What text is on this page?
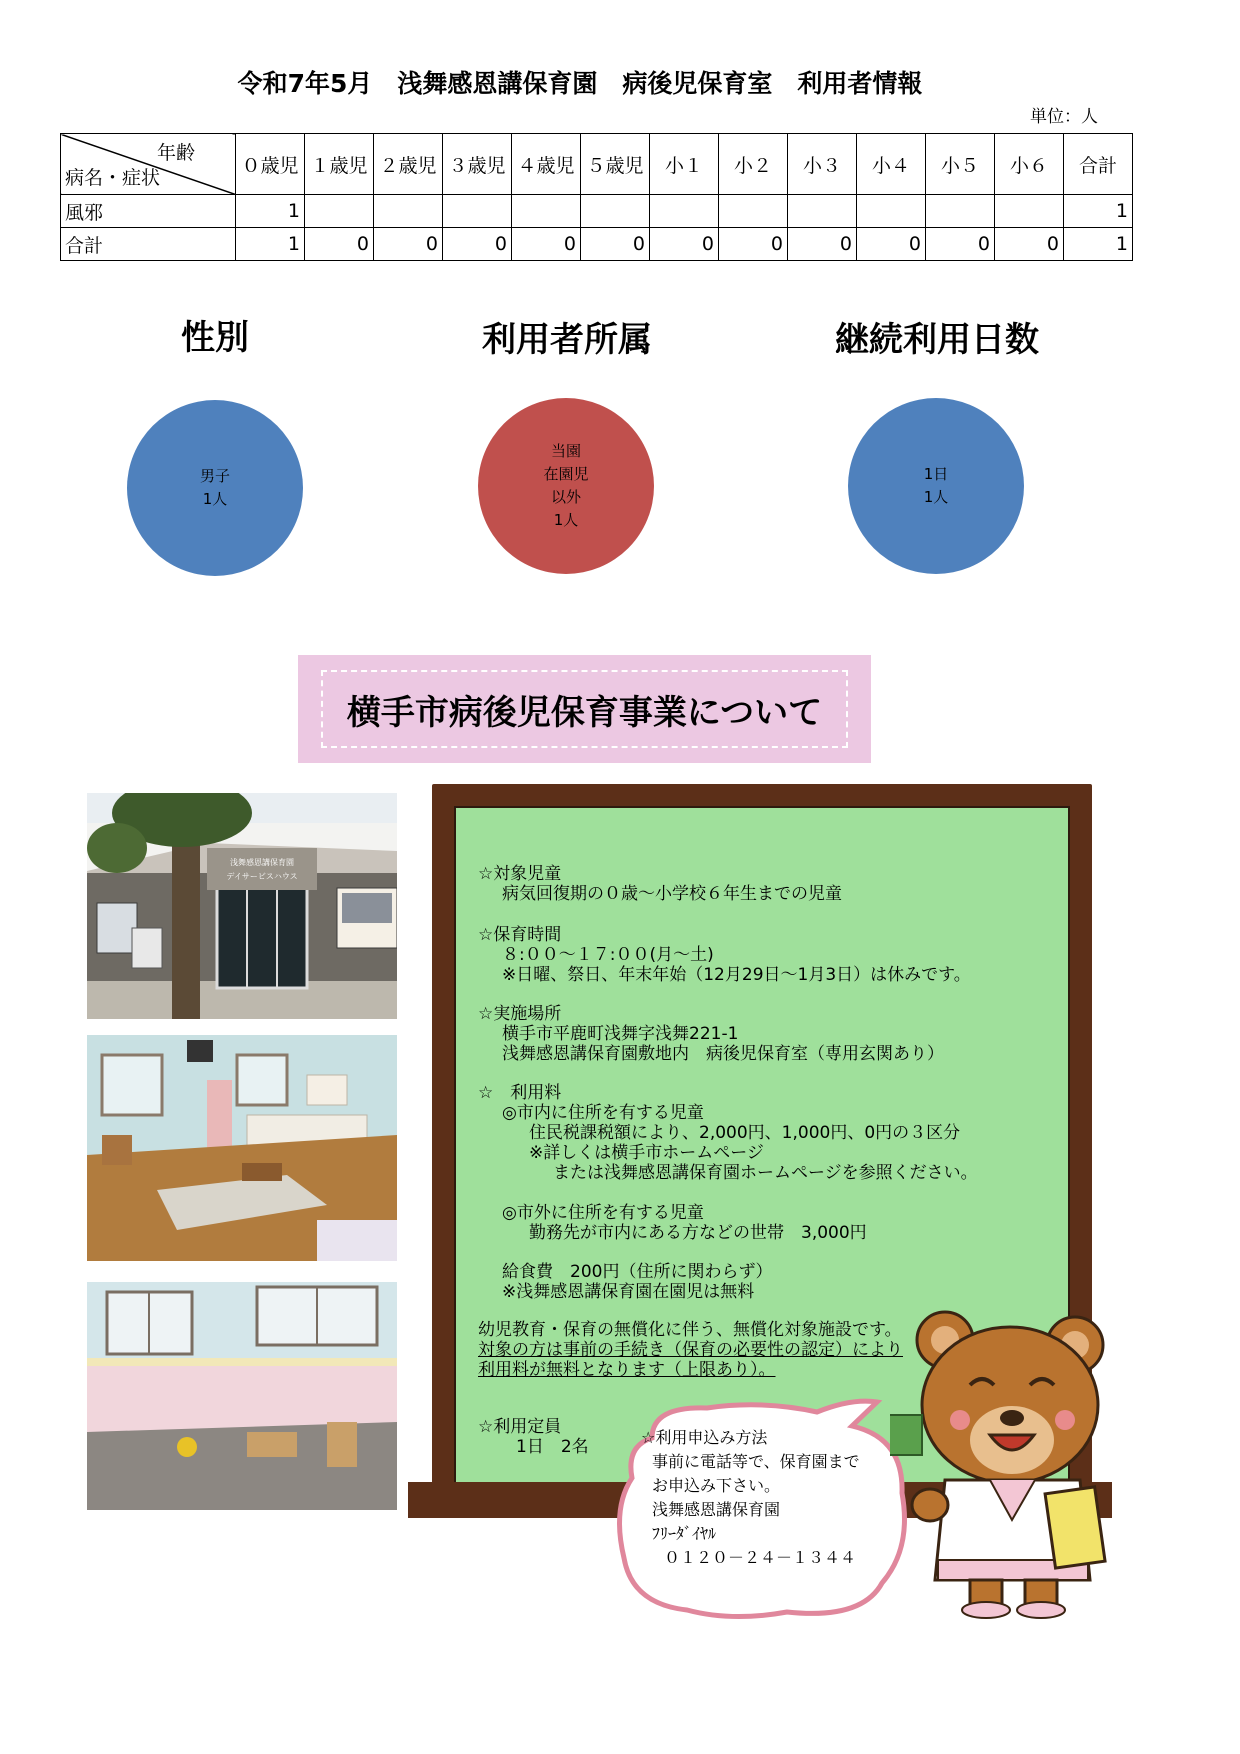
令和7年5月　浅舞感恩講保育園　病後児保育室　利用者情報
単位：人
年齢
病名・症状	０歳児	１歳児	２歳児	３歳児	４歳児	５歳児	小１	小２	小３	小４	小５	小６	合計
風邪	1												1
合計	1	0	0	0	0	0	0	0	0	0	0	0	1
性別	利用者所属	継続利用日数
男子
1人
当園
在園児
以外
1人
1日
1人
横手市病後児保育事業について
浅舞感恩講保育園
デイサービスハウス	☆対象児童
病気回復期の０歳～小学校６年生までの児童
☆保育時間
８:００～１７:００(月～土)
※日曜、祭日、年末年始（12月29日～1月3日）は休みです。
☆実施場所
横手市平鹿町浅舞字浅舞221-1
浅舞感恩講保育園敷地内　病後児保育室（専用玄関あり）
☆　利用料
◎市内に住所を有する児童
住民税課税額により、2,000円、1,000円、0円の３区分
※詳しくは横手市ホームページ
または浅舞感恩講保育園ホームページを参照ください。
◎市外に住所を有する児童
勤務先が市内にある方などの世帯　3,000円
給食費　200円（住所に関わらず）
※浅舞感恩講保育園在園児は無料
幼児教育・保育の無償化に伴う、無償化対象施設です。
対象の方は事前の手続き（保育の必要性の認定）により
利用料が無料となります（上限あり）。
☆利用定員
1日　2名	☆利用申込み方法
事前に電話等で、保育園まで
お申込み下さい。
浅舞感恩講保育園
ﾌﾘｰﾀﾞｲﾔﾙ
０１２０－２４－１３４４
